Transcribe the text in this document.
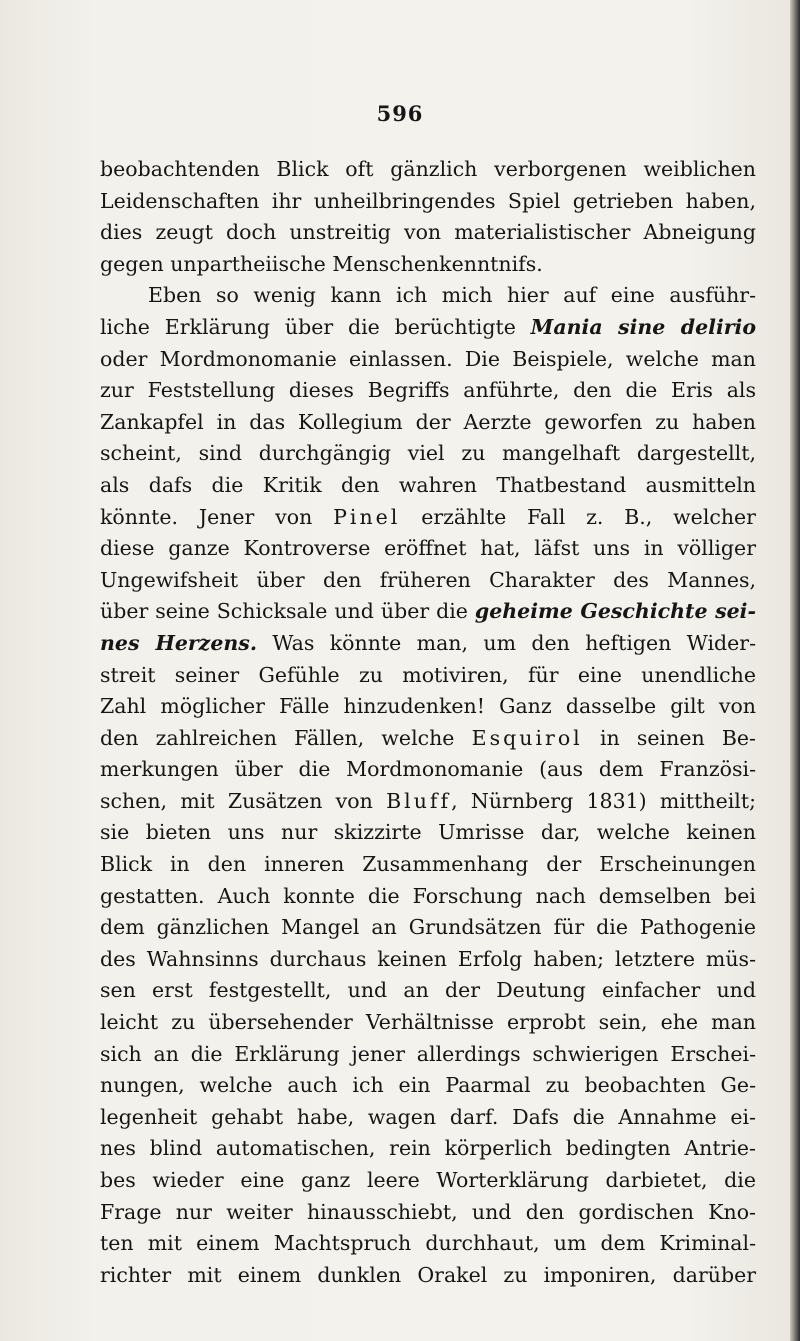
596
beobachtenden Blick oft gänzlich verborgenen weiblichen
Leidenschaften ihr unheilbringendes Spiel getrieben haben,
dies zeugt doch unstreitig von materialistischer Abneigung
gegen unpartheiische Menschenkenntnifs.
Eben so wenig kann ich mich hier auf eine ausführ-
liche Erklärung über die berüchtigte Mania sine delirio
oder Mordmonomanie einlassen. Die Beispiele, welche man
zur Feststellung dieses Begriffs anführte, den die Eris als
Zankapfel in das Kollegium der Aerzte geworfen zu haben
scheint, sind durchgängig viel zu mangelhaft dargestellt,
als dafs die Kritik den wahren Thatbestand ausmitteln
könnte. Jener von Pinel erzählte Fall z. B., welcher
diese ganze Kontroverse eröffnet hat, läfst uns in völliger
Ungewifsheit über den früheren Charakter des Mannes,
über seine Schicksale und über die geheime Geschichte sei-
nes Herzens. Was könnte man, um den heftigen Wider-
streit seiner Gefühle zu motiviren, für eine unendliche
Zahl möglicher Fälle hinzudenken! Ganz dasselbe gilt von
den zahlreichen Fällen, welche Esquirol in seinen Be-
merkungen über die Mordmonomanie (aus dem Französi-
schen, mit Zusätzen von Bluff, Nürnberg 1831) mittheilt;
sie bieten uns nur skizzirte Umrisse dar, welche keinen
Blick in den inneren Zusammenhang der Erscheinungen
gestatten. Auch konnte die Forschung nach demselben bei
dem gänzlichen Mangel an Grundsätzen für die Pathogenie
des Wahnsinns durchaus keinen Erfolg haben; letztere müs-
sen erst festgestellt, und an der Deutung einfacher und
leicht zu übersehender Verhältnisse erprobt sein, ehe man
sich an die Erklärung jener allerdings schwierigen Erschei-
nungen, welche auch ich ein Paarmal zu beobachten Ge-
legenheit gehabt habe, wagen darf. Dafs die Annahme ei-
nes blind automatischen, rein körperlich bedingten Antrie-
bes wieder eine ganz leere Worterklärung darbietet, die
Frage nur weiter hinausschiebt, und den gordischen Kno-
ten mit einem Machtspruch durchhaut, um dem Kriminal-
richter mit einem dunklen Orakel zu imponiren, darüber
